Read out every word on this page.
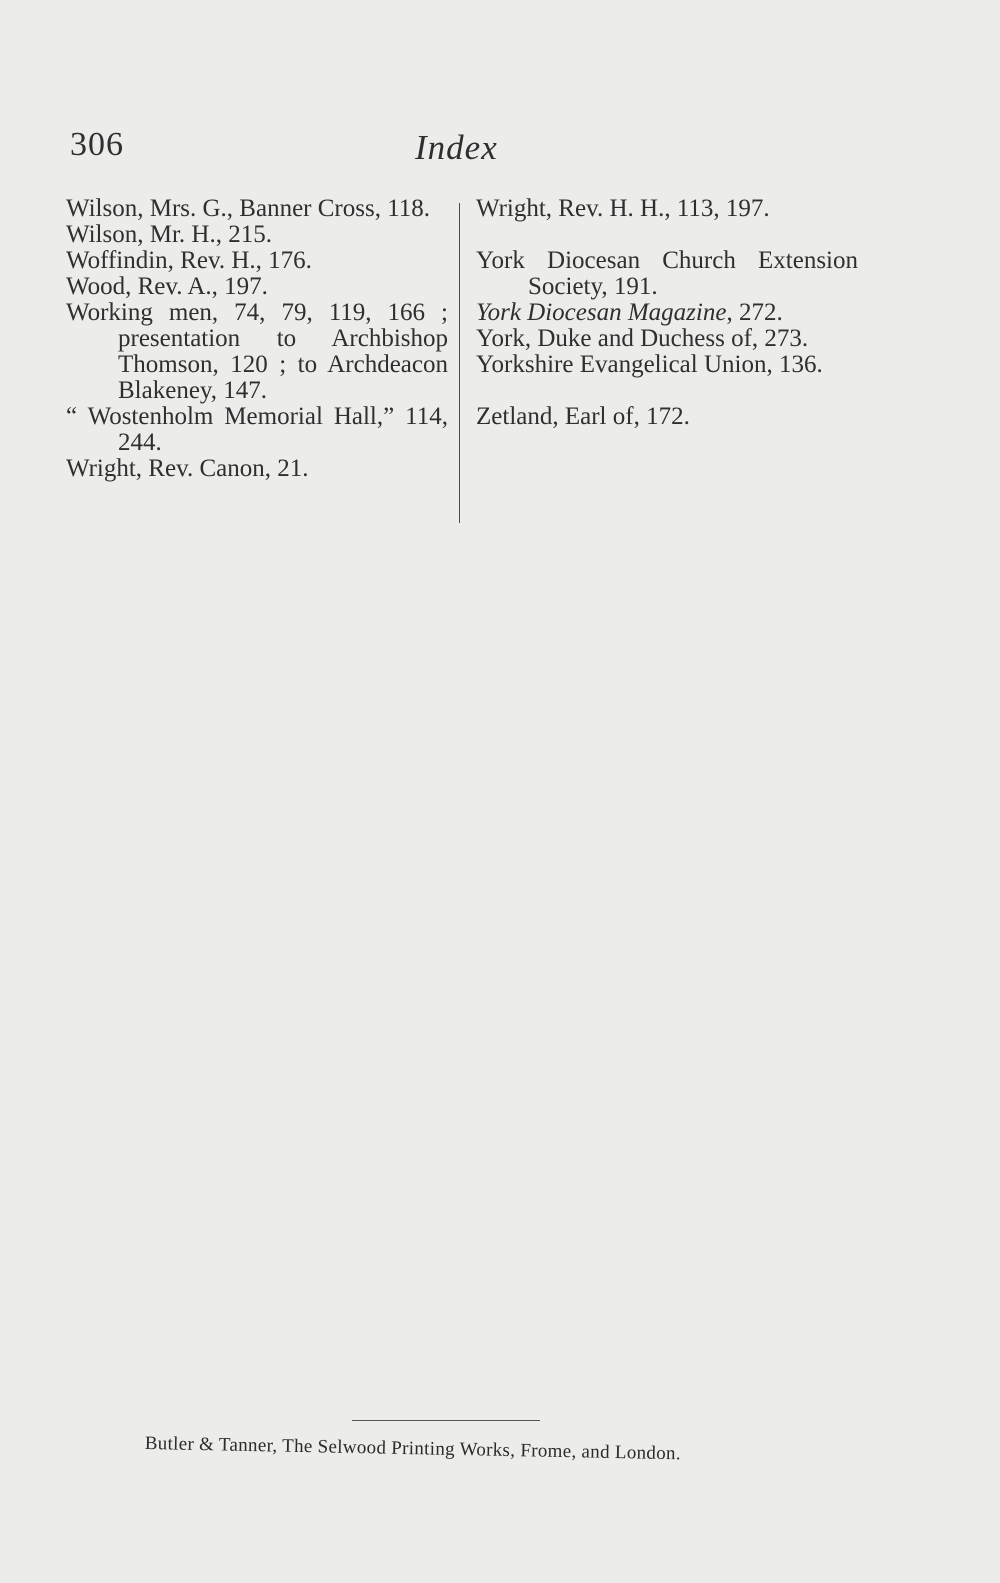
306	Index

Wilson, Mrs. G., Banner Cross, 118.

Wilson, Mr. H., 215.

Woffindin, Rev. H., 176.

Wood, Rev. A., 197.

Working men, 74, 79, 119, 166 ; presentation to Archbishop Thomson, 120 ; to Archdeacon Blakeney, 147.

“ Wostenholm Memorial Hall,” 114, 244.

Wright, Rev. Canon, 21.

Wright, Rev. H. H., 113, 197.

York Diocesan Church Extension Society, 191.

York Diocesan Magazine, 272.

York, Duke and Duchess of, 273.

Yorkshire Evangelical Union, 136.

Zetland, Earl of, 172.

Butler & Tanner, The Selwood Printing Works, Frome, and London.
